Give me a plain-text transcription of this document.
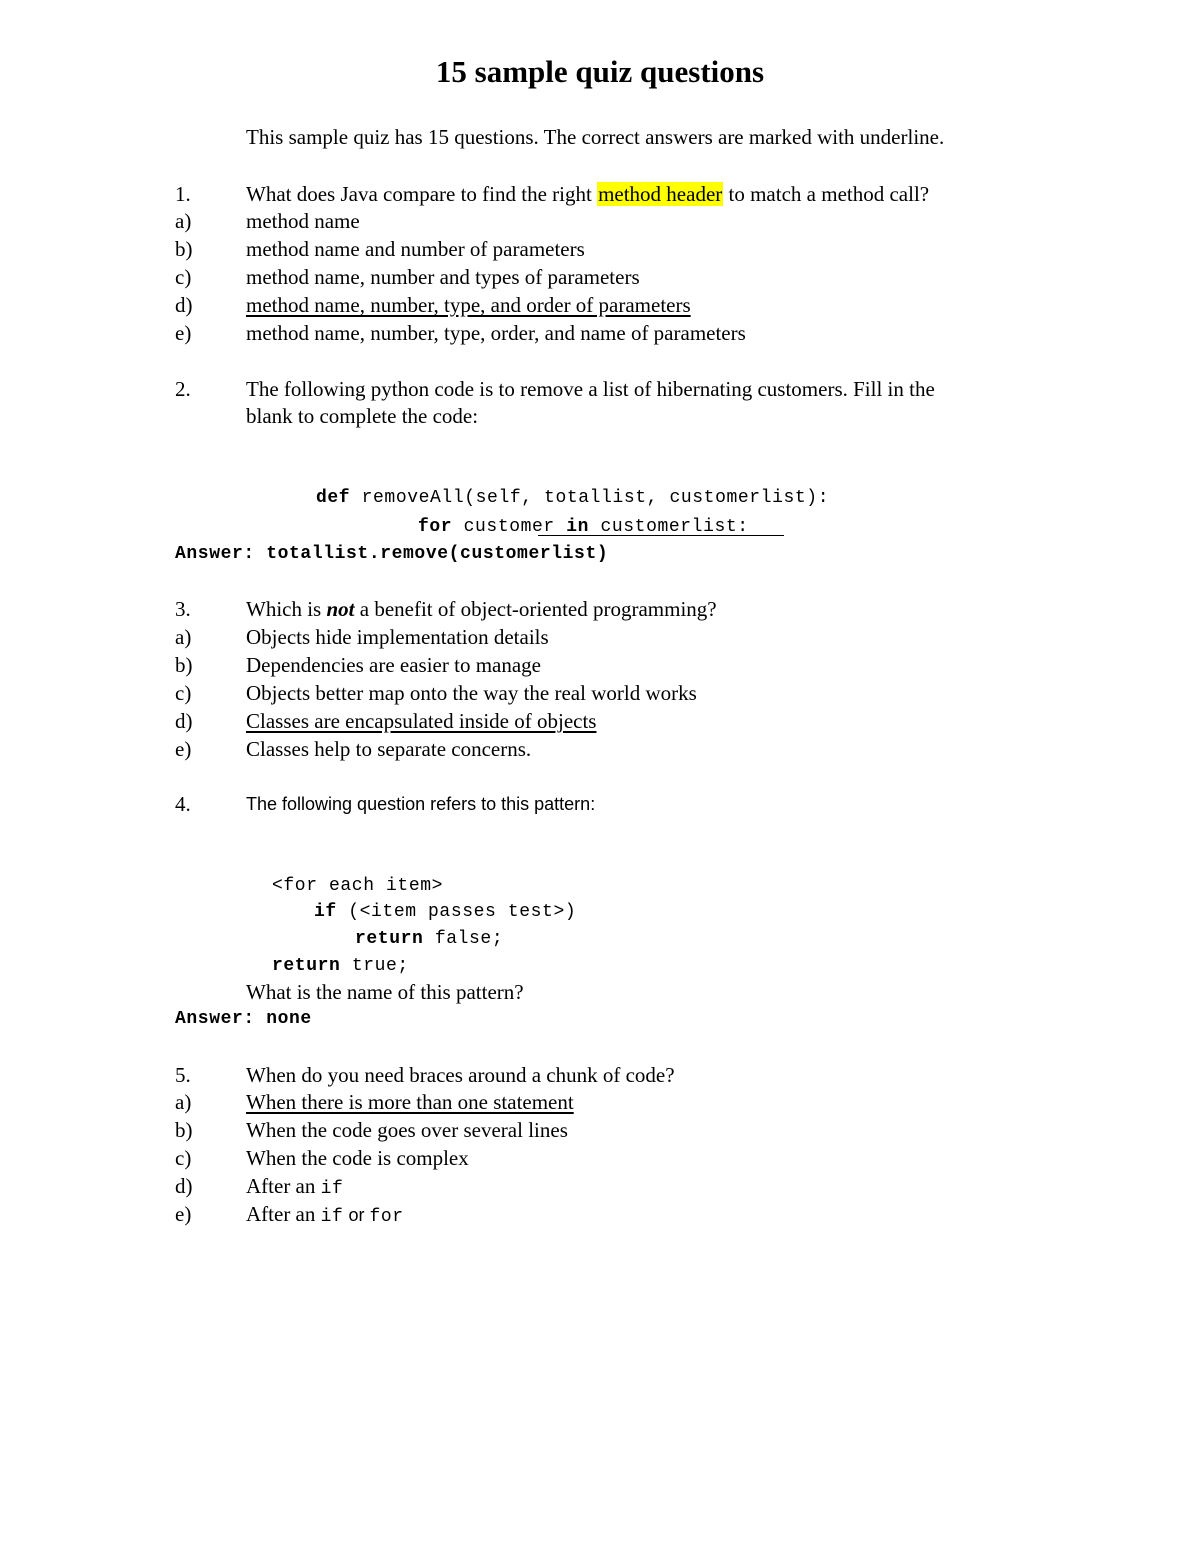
15 sample quiz questions
This sample quiz has 15 questions. The correct answers are marked with underline.
1.	What does Java compare to find the right method header to match a method call?
a)	method name
b)	method name and number of parameters
c)	method name, number and types of parameters
d)	method name, number, type, and order of parameters
e)	method name, number, type, order, and name of parameters
2.	The following python code is to remove a list of hibernating customers. Fill in the
blank to complete the code:

def removeAll(self, totallist, customerlist):

for customer in customerlist:

Answer: totallist.remove(customerlist)
3.	Which is not a benefit of object-oriented programming?
a)	Objects hide implementation details
b)	Dependencies are easier to manage
c)	Objects better map onto the way the real world works
d)	Classes are encapsulated inside of objects
e)	Classes help to separate concerns.
4.	The following question refers to this pattern:

<for each item>

if (<item passes test>)

return false;

return true;

What is the name of this pattern?
Answer: none
5.	When do you need braces around a chunk of code?
a)	When there is more than one statement
b)	When the code goes over several lines
c)	When the code is complex
d)	After an if
e)	After an if or for
